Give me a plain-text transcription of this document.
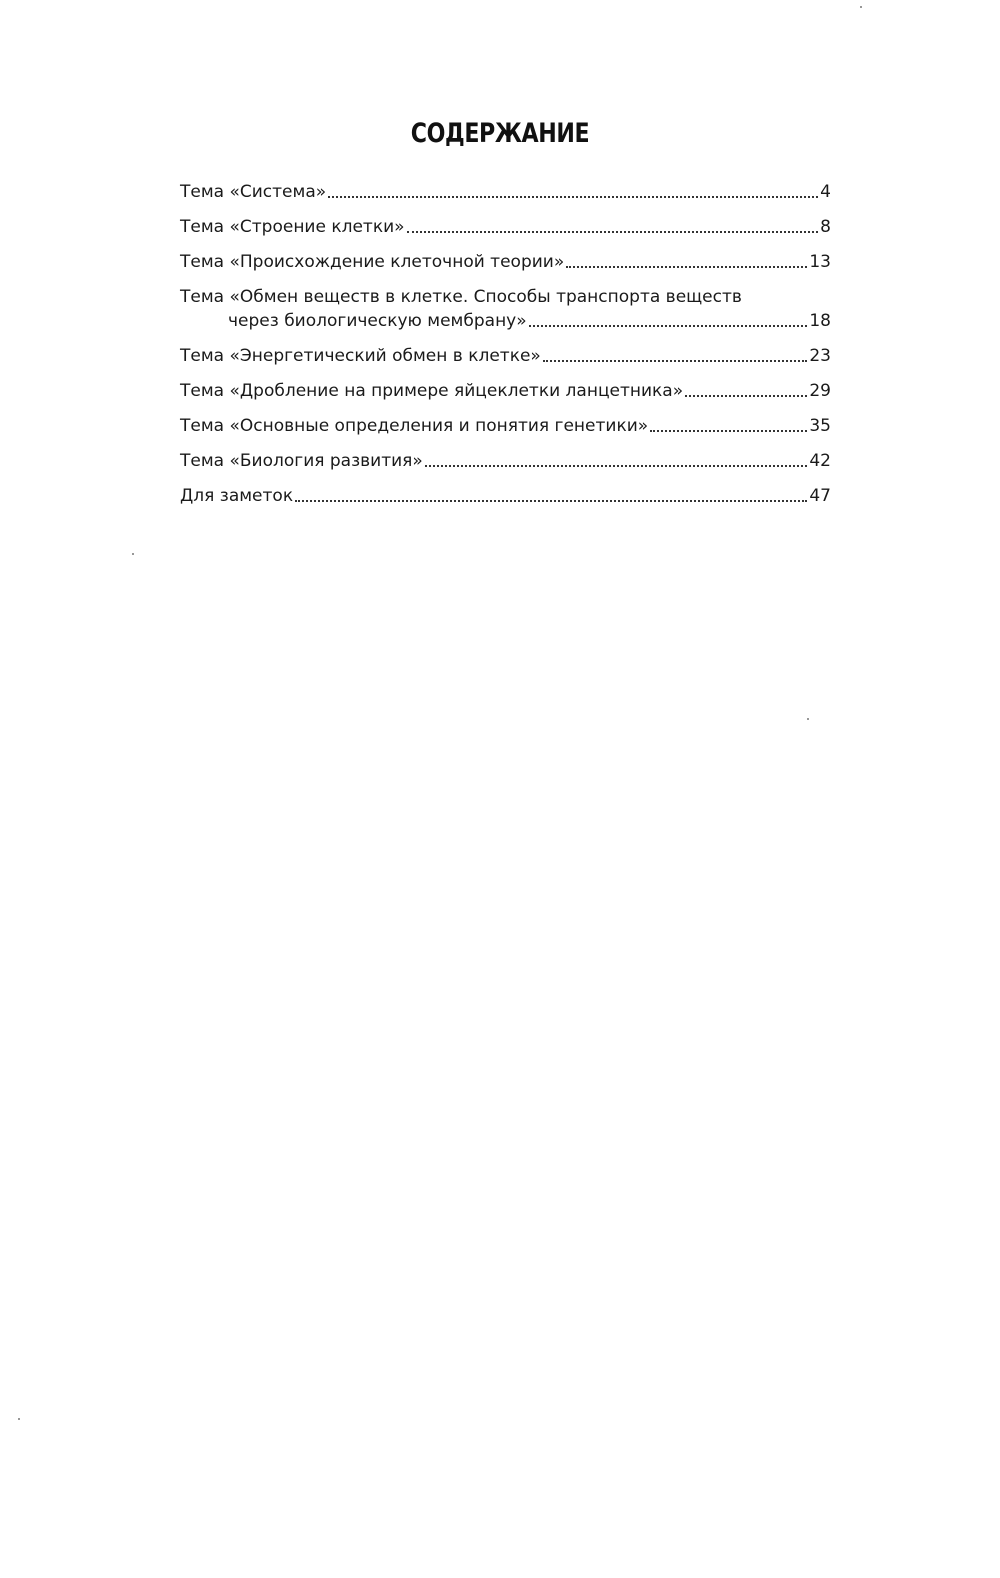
СОДЕРЖАНИЕ
Тема «Система»	4
Тема «Строение клетки»	8
Тема «Происхождение клеточной теории»	13
Тема «Обмен веществ в клетке. Способы транспорта веществ
через биологическую мембрану»	18
Тема «Энергетический обмен в клетке»	23
Тема «Дробление на примере яйцеклетки ланцетника»	29
Тема «Основные определения и понятия генетики»	35
Тема «Биология развития»	42
Для заметок	47
